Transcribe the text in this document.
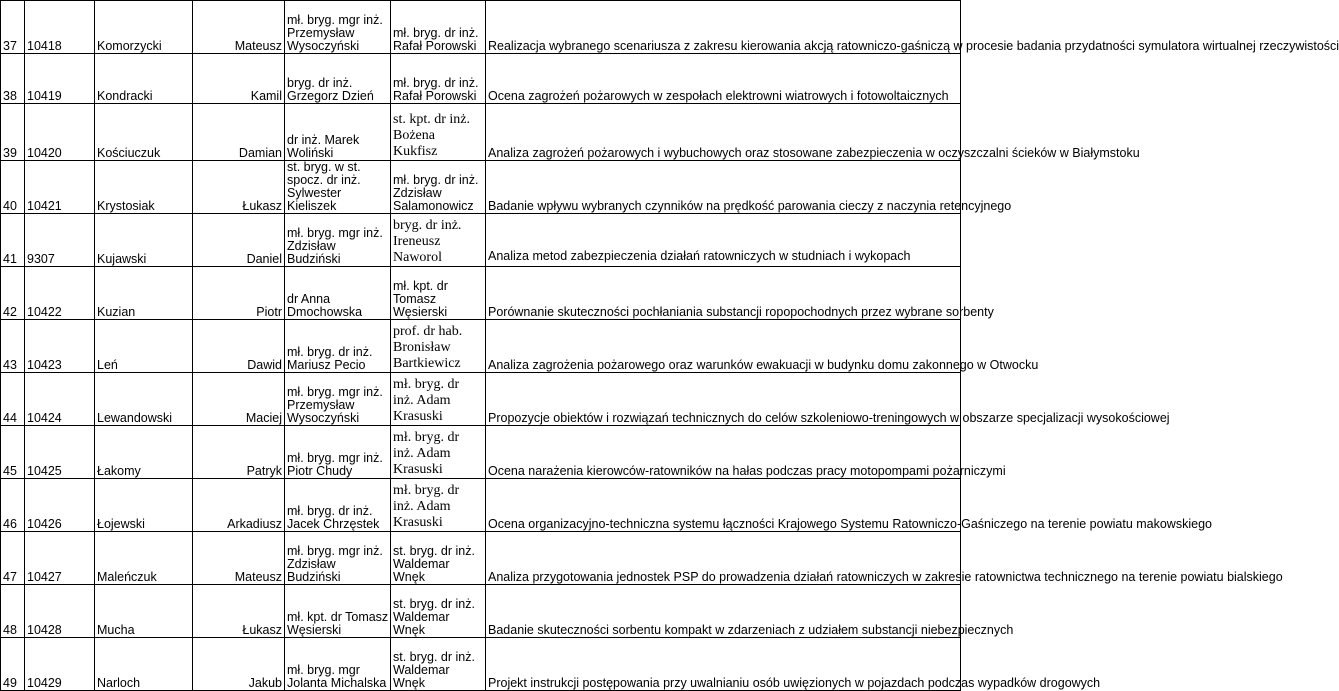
37	10418	Komorzycki	Mateusz	mł. bryg. mgr inż.
Przemysław
Wysoczyński	mł. bryg. dr inż.
Rafał Porowski	Realizacja wybranego scenariusza z zakresu kierowania akcją ratowniczo-gaśniczą w procesie badania przydatności symulatora wirtualnej rzeczywistości
38	10419	Kondracki	Kamil	bryg. dr inż.
Grzegorz Dzień	mł. bryg. dr inż.
Rafał Porowski	Ocena zagrożeń pożarowych w zespołach elektrowni wiatrowych i fotowoltaicznych
39	10420	Kościuczuk	Damian	dr inż. Marek
Woliński	st. kpt. dr inż.
Bożena
Kukfisz	Analiza zagrożeń pożarowych i wybuchowych oraz stosowane zabezpieczenia w oczyszczalni ścieków w Białymstoku
40	10421	Krystosiak	Łukasz	st. bryg. w st.
spocz. dr inż.
Sylwester
Kieliszek	mł. bryg. dr inż.
Zdzisław
Salamonowicz	Badanie wpływu wybranych czynników na prędkość parowania cieczy z naczynia retencyjnego
41	9307	Kujawski	Daniel	mł. bryg. mgr inż.
Zdzisław
Budziński	bryg. dr inż.
Ireneusz
Naworol	Analiza metod zabezpieczenia działań ratowniczych w studniach i wykopach
42	10422	Kuzian	Piotr	dr Anna
Dmochowska	mł. kpt. dr
Tomasz
Węsierski	Porównanie skuteczności pochłaniania substancji ropopochodnych przez wybrane sorbenty
43	10423	Leń	Dawid	mł. bryg. dr inż.
Mariusz Pecio	prof. dr hab.
Bronisław
Bartkiewicz	Analiza zagrożenia pożarowego oraz warunków ewakuacji w budynku domu zakonnego w Otwocku
44	10424	Lewandowski	Maciej	mł. bryg. mgr inż.
Przemysław
Wysoczyński	mł. bryg. dr
inż. Adam
Krasuski	Propozycje obiektów i rozwiązań technicznych do celów szkoleniowo-treningowych w obszarze specjalizacji wysokościowej
45	10425	Łakomy	Patryk	mł. bryg. mgr inż.
Piotr Chudy	mł. bryg. dr
inż. Adam
Krasuski	Ocena narażenia kierowców-ratowników na hałas podczas pracy motopompami pożarniczymi
46	10426	Łojewski	Arkadiusz	mł. bryg. dr inż.
Jacek Chrzęstek	mł. bryg. dr
inż. Adam
Krasuski	Ocena organizacyjno-techniczna systemu łączności Krajowego Systemu Ratowniczo-Gaśniczego na terenie powiatu makowskiego
47	10427	Maleńczuk	Mateusz	mł. bryg. mgr inż.
Zdzisław
Budziński	st. bryg. dr inż.
Waldemar
Wnęk	Analiza przygotowania jednostek PSP do prowadzenia działań ratowniczych w zakresie ratownictwa technicznego na terenie powiatu bialskiego
48	10428	Mucha	Łukasz	mł. kpt. dr Tomasz
Węsierski	st. bryg. dr inż.
Waldemar
Wnęk	Badanie skuteczności sorbentu kompakt w zdarzeniach z udziałem substancji niebezpiecznych
49	10429	Narloch	Jakub	mł. bryg. mgr
Jolanta Michalska	st. bryg. dr inż.
Waldemar
Wnęk	Projekt instrukcji postępowania przy uwalnianiu osób uwięzionych w pojazdach podczas wypadków drogowych
